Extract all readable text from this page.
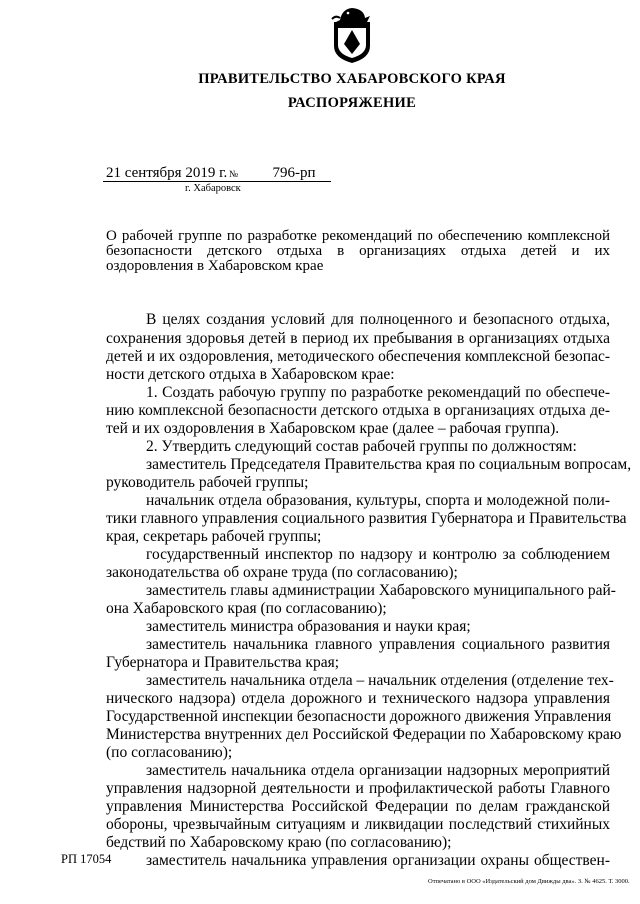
ПРАВИТЕЛЬСТВО ХАБАРОВСКОГО КРАЯ
РАСПОРЯЖЕНИЕ
21 сентября 2019 г. №	796-рп
г. Хабаровск
О рабочей группе по разработке рекомендаций по обеспечению комплексной безопасности детского отдыха в организациях отдыха детей и их оздоровления в Хабаровском крае
В целях создания условий для полноценного и безопасного отдыха,
сохранения здоровья детей в период их пребывания в организациях отдыха
детей и их оздоровления, методического обеспечения комплексной безопас-
ности детского отдыха в Хабаровском крае:
1. Создать рабочую группу по разработке рекомендаций по обеспече-
нию комплексной безопасности детского отдыха в организациях отдыха де-
тей и их оздоровления в Хабаровском крае (далее – рабочая группа).
2. Утвердить следующий состав рабочей группы по должностям:
заместитель Председателя Правительства края по социальным вопросам,
руководитель рабочей группы;
начальник отдела образования, культуры, спорта и молодежной поли-
тики главного управления социального развития Губернатора и Правительства
края, секретарь рабочей группы;
государственный инспектор по надзору и контролю за соблюдением
законодательства об охране труда (по согласованию);
заместитель главы администрации Хабаровского муниципального рай-
она Хабаровского края (по согласованию);
заместитель министра образования и науки края;
заместитель начальника главного управления социального развития
Губернатора и Правительства края;
заместитель начальника отдела – начальник отделения (отделение тех-
нического надзора) отдела дорожного и технического надзора управления
Государственной инспекции безопасности дорожного движения Управления
Министерства внутренних дел Российской Федерации по Хабаровскому краю
(по согласованию);
заместитель начальника отдела организации надзорных мероприятий
управления надзорной деятельности и профилактической работы Главного
управления Министерства Российской Федерации по делам гражданской
обороны, чрезвычайным ситуациям и ликвидации последствий стихийных
бедствий по Хабаровскому краю (по согласованию);
заместитель начальника управления организации охраны обществен-
РП 17054
Отпечатано в ООО «Издательский дом Движды два». З. № 4625. Т. 3000.
